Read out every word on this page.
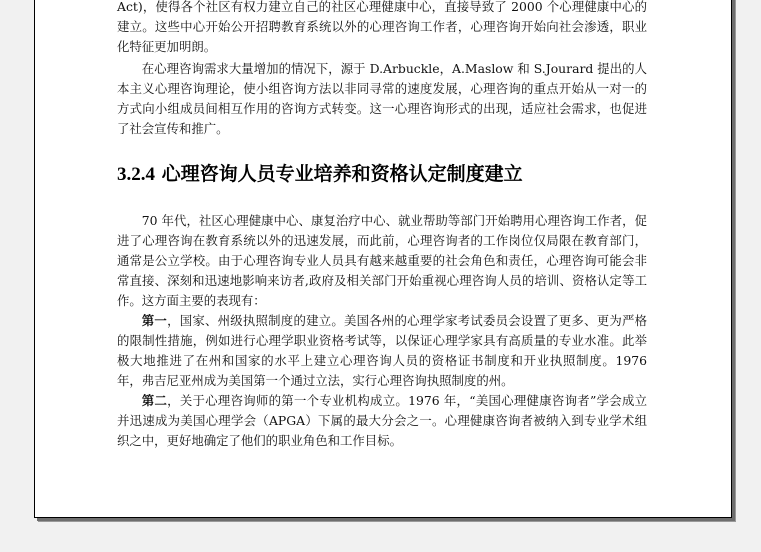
Act)，使得各个社区有权力建立自己的社区心理健康中心，直接导致了 2000 个心理健康中心的建立。这些中心开始公开招聘教育系统以外的心理咨询工作者，心理咨询开始向社会渗透，职业化特征更加明朗。

在心理咨询需求大量增加的情况下，源于 D.Arbuckle，A.Maslow 和 S.Jourard 提出的人本主义心理咨询理论，使小组咨询方法以非同寻常的速度发展，心理咨询的重点开始从一对一的方式向小组成员间相互作用的咨询方式转变。这一心理咨询形式的出现，适应社会需求，也促进了社会宣传和推广。

3.2.4 心理咨询人员专业培养和资格认定制度建立

70 年代，社区心理健康中心、康复治疗中心、就业帮助等部门开始聘用心理咨询工作者，促进了心理咨询在教育系统以外的迅速发展，而此前，心理咨询者的工作岗位仅局限在教育部门，通常是公立学校。由于心理咨询专业人员具有越来越重要的社会角色和责任，心理咨询可能会非常直接、深刻和迅速地影响来访者,政府及相关部门开始重视心理咨询人员的培训、资格认定等工作。这方面主要的表现有：

第一，国家、州级执照制度的建立。美国各州的心理学家考试委员会设置了更多、更为严格的限制性措施，例如进行心理学职业资格考试等，以保证心理学家具有高质量的专业水准。此举极大地推进了在州和国家的水平上建立心理咨询人员的资格证书制度和开业执照制度。1976 年，弗吉尼亚州成为美国第一个通过立法，实行心理咨询执照制度的州。

第二，关于心理咨询师的第一个专业机构成立。1976 年，“美国心理健康咨询者”学会成立并迅速成为美国心理学会（APGA）下属的最大分会之一。心理健康咨询者被纳入到专业学术组织之中，更好地确定了他们的职业角色和工作目标。
